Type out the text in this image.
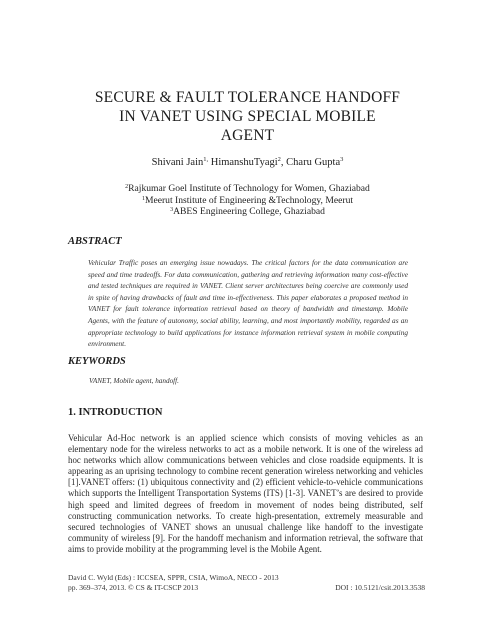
SECURE & FAULT TOLERANCE HANDOFF
IN VANET USING SPECIAL MOBILE
AGENT
Shivani Jain$^{1,}$ HimanshuTyagi$^2$, Charu Gupta$^3$
$^2$Rajkumar Goel Institute of Technology for Women, Ghaziabad
$^1$Meerut Institute of Engineering &Technology, Meerut
$^3$ABES Engineering College, Ghaziabad
ABSTRACT
Vehicular Traffic poses an emerging issue nowadays. The critical factors for the data communication are speed and time tradeoffs. For data communication, gathering and retrieving information many cost-effective and tested techniques are required in VANET. Client server architectures being coercive are commonly used in spite of having drawbacks of fault and time in-effectiveness. This paper elaborates a proposed method in VANET for fault tolerance information retrieval based on theory of bandwidth and timestamp. Mobile Agents, with the feature of autonomy, social ability, learning, and most importantly mobility, regarded as an appropriate technology to build applications for instance information retrieval system in mobile computing environment.
KEYWORDS
VANET, Mobile agent, handoff.
1. INTRODUCTION
Vehicular Ad-Hoc network is an applied science which consists of moving vehicles as an elementary node for the wireless networks to act as a mobile network. It is one of the wireless ad hoc networks which allow communications between vehicles and close roadside equipments. It is appearing as an uprising technology to combine recent generation wireless networking and vehicles [1].VANET offers: (1) ubiquitous connectivity and (2) efficient vehicle-to-vehicle communications which supports the Intelligent Transportation Systems (ITS) [1-3]. VANET’s are desired to provide high speed and limited degrees of freedom in movement of nodes being distributed, self constructing communication networks. To create high-presentation, extremely measurable and secured technologies of VANET shows an unusual challenge like handoff to the investigate community of wireless [9]. For the handoff mechanism and information retrieval, the software that aims to provide mobility at the programming level is the Mobile Agent.
David C. Wyld (Eds) : ICCSEA, SPPR, CSIA, WimoA, NECO - 2013
pp. 369–374, 2013. © CS & IT-CSCP 2013	DOI : 10.5121/csit.2013.3538
